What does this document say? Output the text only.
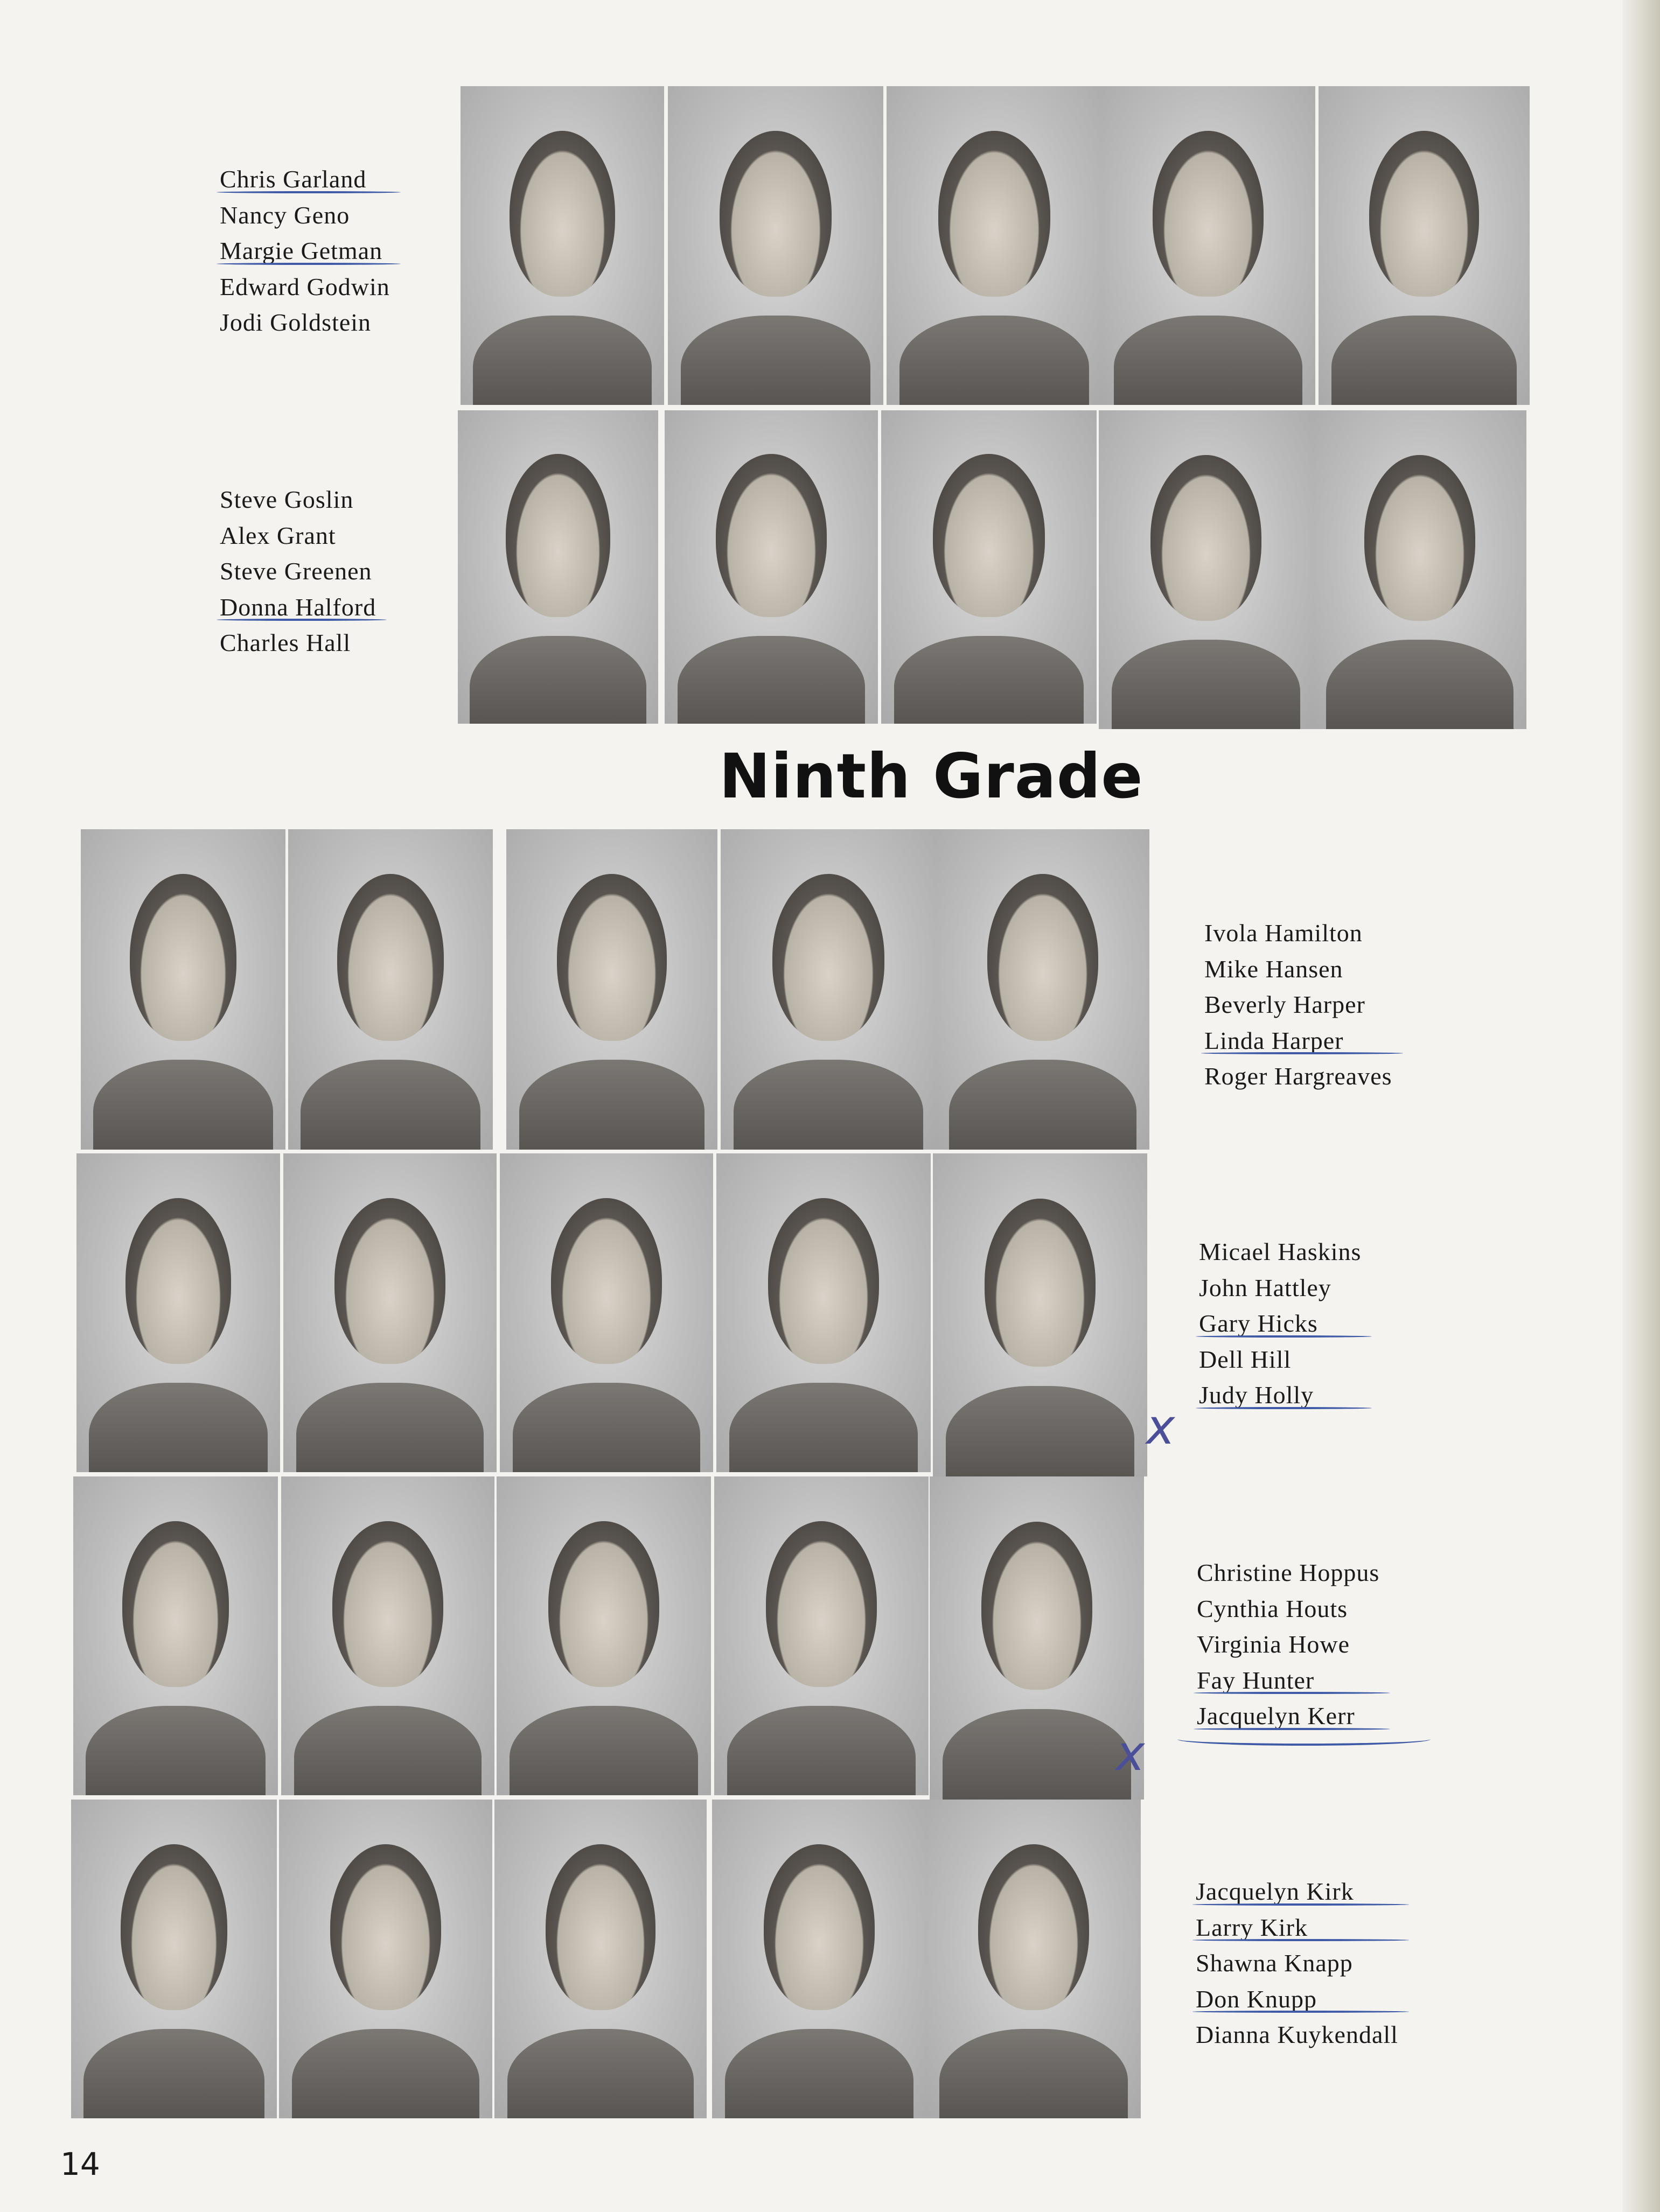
Chris Garland
Nancy Geno
Margie Getman
Edward Godwin
Jodi Goldstein
Steve Goslin
Alex Grant
Steve Greenen
Donna Halford
Charles Hall
Ninth Grade
Ivola Hamilton
Mike Hansen
Beverly Harper
Linda Harper
Roger Hargreaves
Micael Haskins
John Hattley
Gary Hicks
Dell Hill
Judy Holly
Christine Hoppus
Cynthia Houts
Virginia Howe
Fay Hunter
Jacquelyn Kerr
Jacquelyn Kirk
Larry Kirk
Shawna Knapp
Don Knupp
Dianna Kuykendall
x
x
14
